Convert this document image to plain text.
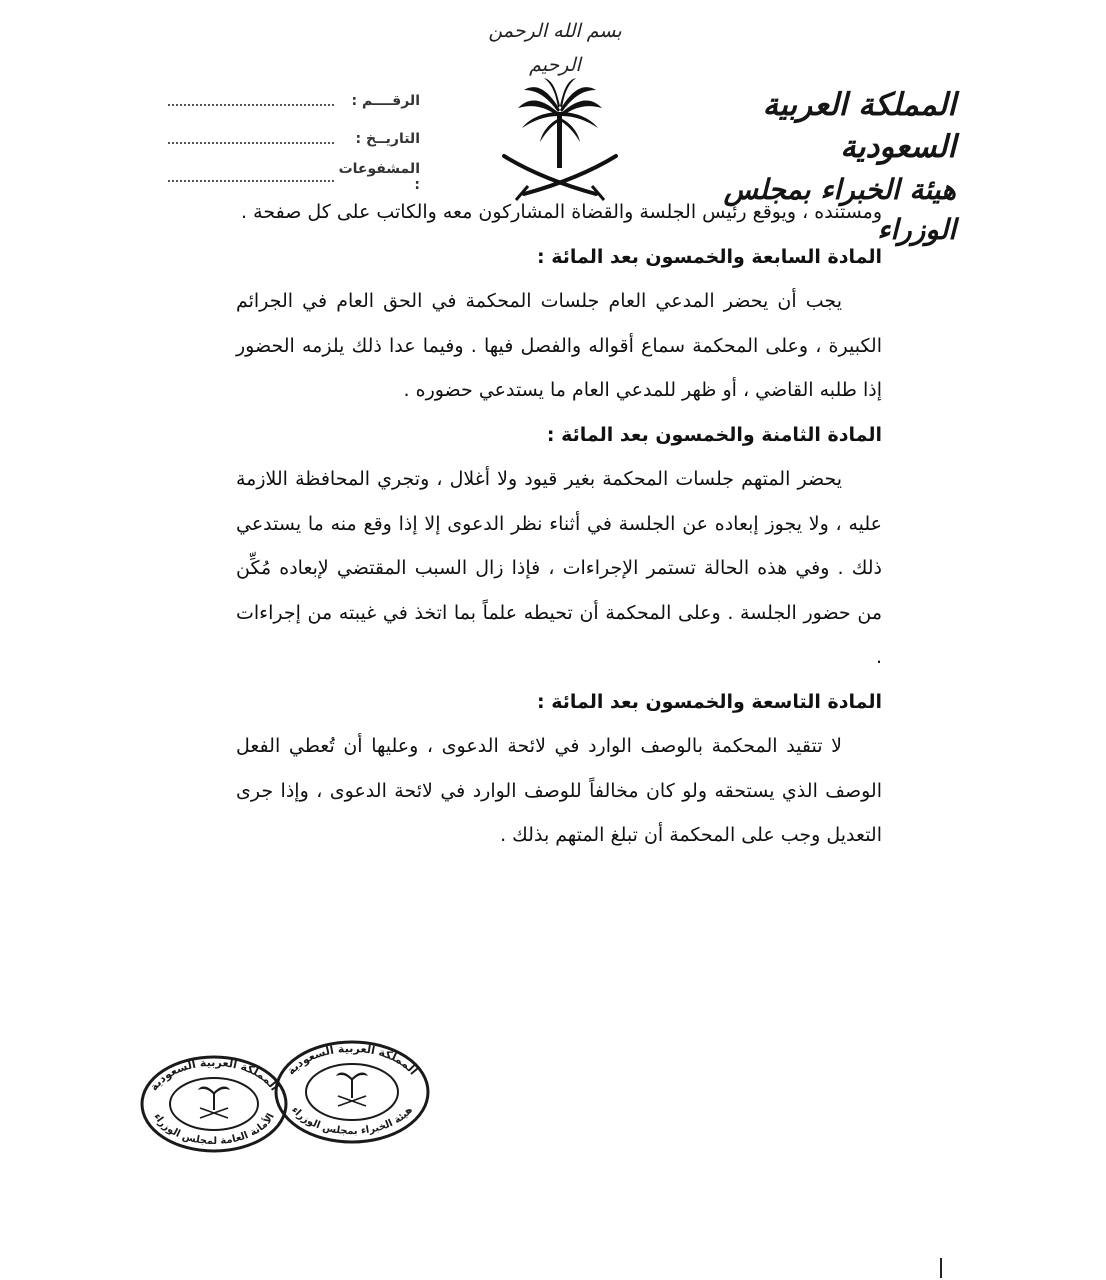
بسم الله الرحمن الرحيم
المملكة العربية السعودية
هيئة الخبراء بمجلس الوزراء
الرقــــم :
التاريــخ :
المشفوعات :

ومستنده ، ويوقع رئيس الجلسة والقضاة المشاركون معه والكاتب على كل صفحة .

المادة السابعة والخمسون بعد المائة :

يجب أن يحضر المدعي العام جلسات المحكمة في الحق العام في الجرائم الكبيرة ، وعلى المحكمة سماع أقواله والفصل فيها . وفيما عدا ذلك يلزمه الحضور إذا طلبه القاضي ، أو ظهر للمدعي العام ما يستدعي حضوره .

المادة الثامنة والخمسون بعد المائة :

يحضر المتهم جلسات المحكمة بغير قيود ولا أغلال ، وتجري المحافظة اللازمة عليه ، ولا يجوز إبعاده عن الجلسة في أثناء نظر الدعوى إلا إذا وقع منه ما يستدعي ذلك . وفي هذه الحالة تستمر الإجراءات ، فإذا زال السبب المقتضي لإبعاده مُكِّن من حضور الجلسة . وعلى المحكمة أن تحيطه علماً بما اتخذ في غيبته من إجراءات .

المادة التاسعة والخمسون بعد المائة :

لا تتقيد المحكمة بالوصف الوارد في لائحة الدعوى ، وعليها أن تُعطي الفعل الوصف الذي يستحقه ولو كان مخالفاً للوصف الوارد في لائحة الدعوى ، وإذا جرى التعديل وجب على المحكمة أن تبلغ المتهم بذلك .

المملكة العربية السعودية
الأمانة العامة لمجلس الوزراء
المملكة العربية السعودية
هيئة الخبراء بمجلس الوزراء
